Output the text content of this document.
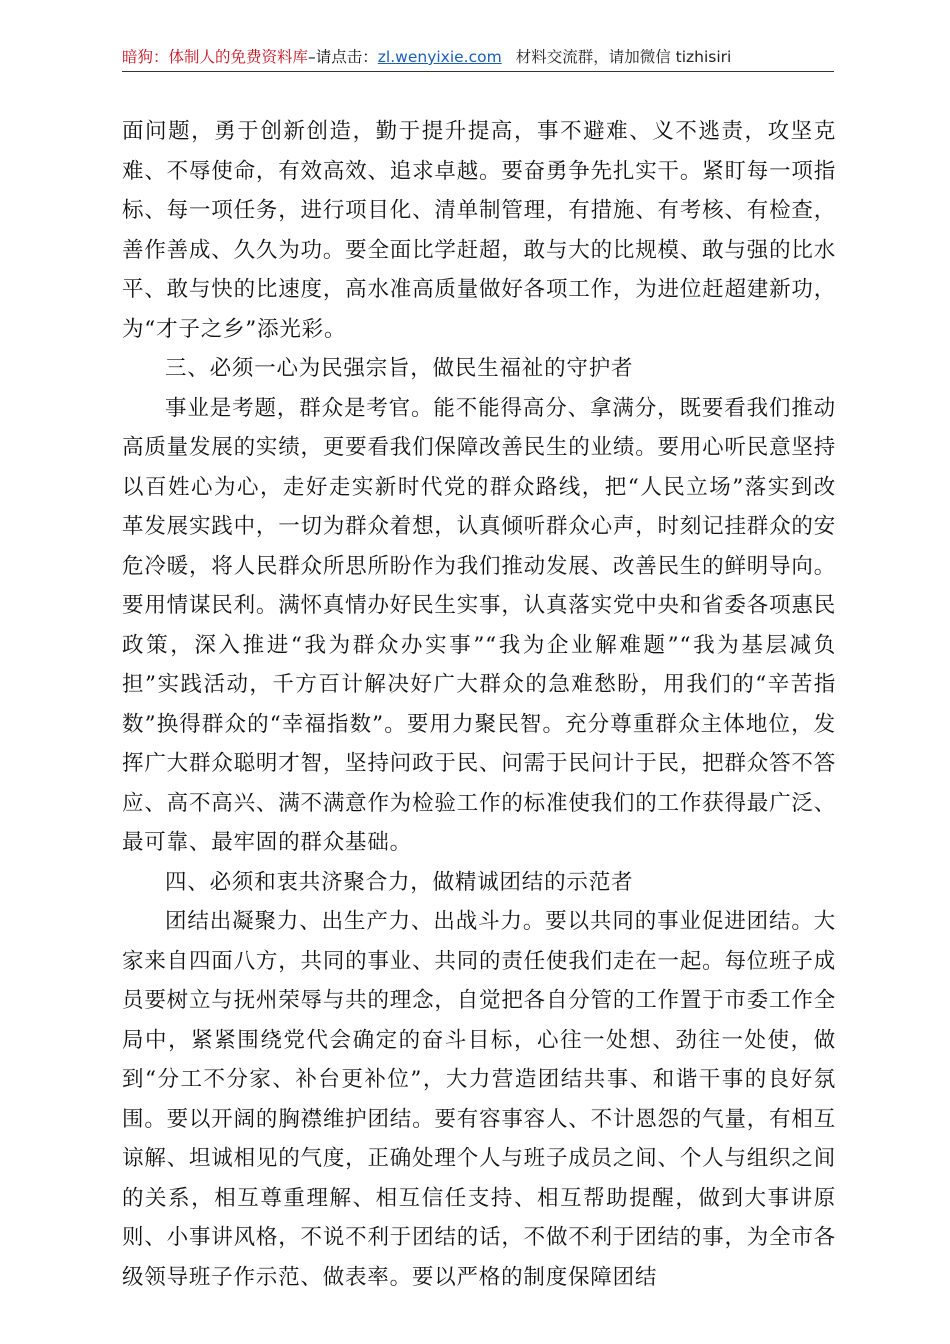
暗狗：体制人的免费资料库–请点击：zl.wenyixie.com 材料交流群，请加微信 tizhisiri

面问题，勇于创新创造，勤于提升提高，事不避难、义不逃责，攻坚克难、不辱使命，有效高效、追求卓越。要奋勇争先扎实干。紧盯每一项指标、每一项任务，进行项目化、清单制管理，有措施、有考核、有检查，善作善成、久久为功。要全面比学赶超，敢与大的比规模、敢与强的比水平、敢与快的比速度，高水准高质量做好各项工作，为进位赶超建新功，为“才子之乡”添光彩。

三、必须一心为民强宗旨，做民生福祉的守护者

事业是考题，群众是考官。能不能得高分、拿满分，既要看我们推动高质量发展的实绩，更要看我们保障改善民生的业绩。要用心听民意坚持以百姓心为心，走好走实新时代党的群众路线，把“人民立场”落实到改革发展实践中，一切为群众着想，认真倾听群众心声，时刻记挂群众的安危冷暖，将人民群众所思所盼作为我们推动发展、改善民生的鲜明导向。要用情谋民利。满怀真情办好民生实事，认真落实党中央和省委各项惠民政策，深入推进“我为群众办实事”“我为企业解难题”“我为基层减负担”实践活动，千方百计解决好广大群众的急难愁盼，用我们的“辛苦指数”换得群众的“幸福指数”。要用力聚民智。充分尊重群众主体地位，发挥广大群众聪明才智，坚持问政于民、问需于民问计于民，把群众答不答应、高不高兴、满不满意作为检验工作的标准使我们的工作获得最广泛、最可靠、最牢固的群众基础。

四、必须和衷共济聚合力，做精诚团结的示范者

团结出凝聚力、出生产力、出战斗力。要以共同的事业促进团结。大家来自四面八方，共同的事业、共同的责任使我们走在一起。每位班子成员要树立与抚州荣辱与共的理念，自觉把各自分管的工作置于市委工作全局中，紧紧围绕党代会确定的奋斗目标，心往一处想、劲往一处使，做到“分工不分家、补台更补位”，大力营造团结共事、和谐干事的良好氛围。要以开阔的胸襟维护团结。要有容事容人、不计恩怨的气量，有相互谅解、坦诚相见的气度，正确处理个人与班子成员之间、个人与组织之间的关系，相互尊重理解、相互信任支持、相互帮助提醒，做到大事讲原则、小事讲风格，不说不利于团结的话，不做不利于团结的事，为全市各级领导班子作示范、做表率。要以严格的制度保障团结
